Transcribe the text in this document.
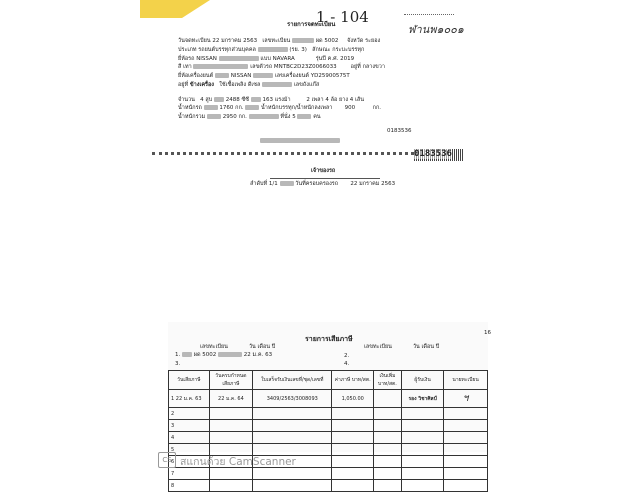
1 - 104
ฬานพ๑๐๐๑
รายการจดทะเบียน
วันจดทะเบียน 22 มกราคม 2563 เลขทะเบียน	ผด 5002 จังหวัด ระยอง
ประเภท รถยนต์บรรทุกส่วนบุคคล	(รย. 3) ลักษณะ กระบะบรรทุก
ยี่ห้อรถ NISSAN	แบบ NAVARA	รุ่นปี ค.ศ. 2019
สี เทา	เลขตัวรถ MNTBC2D23Z0066033	อยู่ที่ กลางขวา
ยี่ห้อเครื่องยนต์	NISSAN	เลขเครื่องยนต์ YD25900575T
อยู่ที่ ข้างเครื่อง ใช้เชื้อเพลิง ดีเซล	เลขถังแก๊ส
จำนวน 4 สูบ 2488 ซีซี 163 แรงม้า	2 เพลา 4 ล้อ ยาง 4 เส้น
น้ำหนักรถ	1760 กก.	น้ำหนักบรรทุก/น้ำหนักลงเพลา 900	กก.
น้ำหนักรวม	2950 กก.	ที่นั่ง 5	คน
0183536
0183536
เจ้าของรถ
ลำดับที่ 1/1	วันที่ครอบครองรถ 22 มกราคม 2563
16
รายการเสียภาษี
เลขทะเบียน	วัน เดือน ปี	เลขทะเบียน	วัน เดือน ปี
1. ผด 5002	22 ม.ค. 63	2.
3.	4.
วันเสียภาษี	วันครบกำหนดเสียภาษี	ใบเสร็จรับเงินเลขที่/ชุด/เลขที่	ค่าภาษี บาท/สต.	เงินเพิ่ม บาท/สต.	ผู้รับเงิน	นายทะเบียน
1 22 ม.ค. 63	22 ม.ค. 64	3409/2563/3008093	1,050.00		รอง วิชาศิลป์	ฯ
2						
3						
4						
5						
6						
7						
8						
CS สแกนด้วย CamScanner
